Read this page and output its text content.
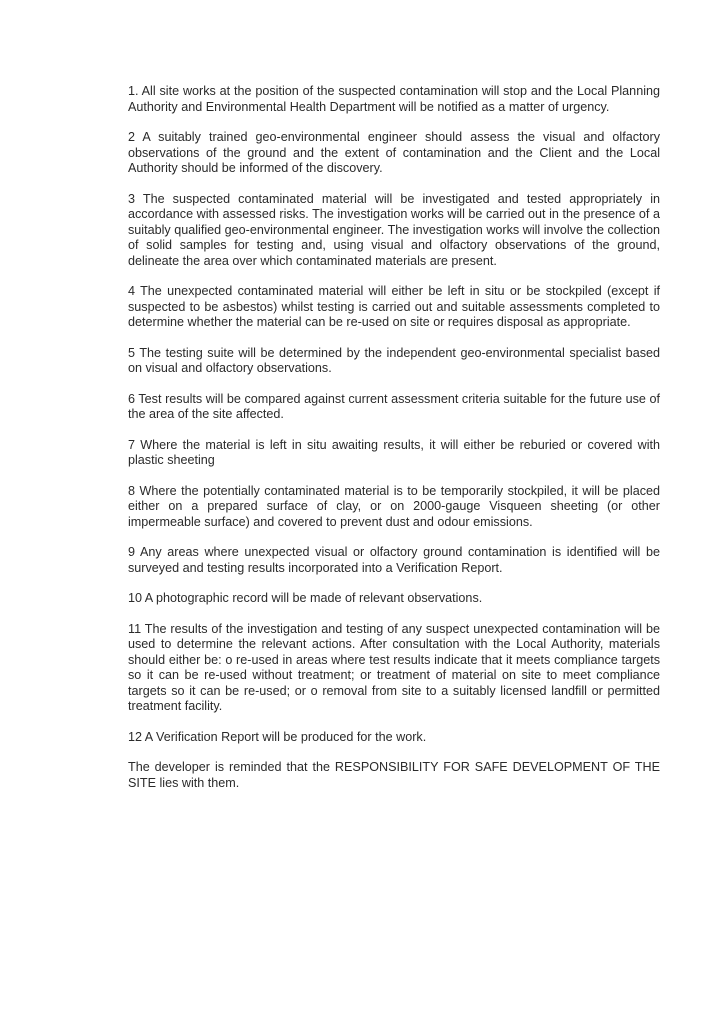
1. All site works at the position of the suspected contamination will stop and the Local Planning Authority and Environmental Health Department will be notified as a matter of urgency.

2 A suitably trained geo-environmental engineer should assess the visual and olfactory observations of the ground and the extent of contamination and the Client and the Local Authority should be informed of the discovery.

3 The suspected contaminated material will be investigated and tested appropriately in accordance with assessed risks. The investigation works will be carried out in the presence of a suitably qualified geo-environmental engineer. The investigation works will involve the collection of solid samples for testing and, using visual and olfactory observations of the ground, delineate the area over which contaminated materials are present.

4 The unexpected contaminated material will either be left in situ or be stockpiled (except if suspected to be asbestos) whilst testing is carried out and suitable assessments completed to determine whether the material can be re-used on site or requires disposal as appropriate.

5 The testing suite will be determined by the independent geo-environmental specialist based on visual and olfactory observations.

6 Test results will be compared against current assessment criteria suitable for the future use of the area of the site affected.

7 Where the material is left in situ awaiting results, it will either be reburied or covered with plastic sheeting

8 Where the potentially contaminated material is to be temporarily stockpiled, it will be placed either on a prepared surface of clay, or on 2000-gauge Visqueen sheeting (or other impermeable surface) and covered to prevent dust and odour emissions.

9 Any areas where unexpected visual or olfactory ground contamination is identified will be surveyed and testing results incorporated into a Verification Report.

10 A photographic record will be made of relevant observations.

11 The results of the investigation and testing of any suspect unexpected contamination will be used to determine the relevant actions. After consultation with the Local Authority, materials should either be: o re-used in areas where test results indicate that it meets compliance targets so it can be re-used without treatment; or treatment of material on site to meet compliance targets so it can be re-used; or o removal from site to a suitably licensed landfill or permitted treatment facility.

12 A Verification Report will be produced for the work.

The developer is reminded that the RESPONSIBILITY FOR SAFE DEVELOPMENT OF THE SITE lies with them.
